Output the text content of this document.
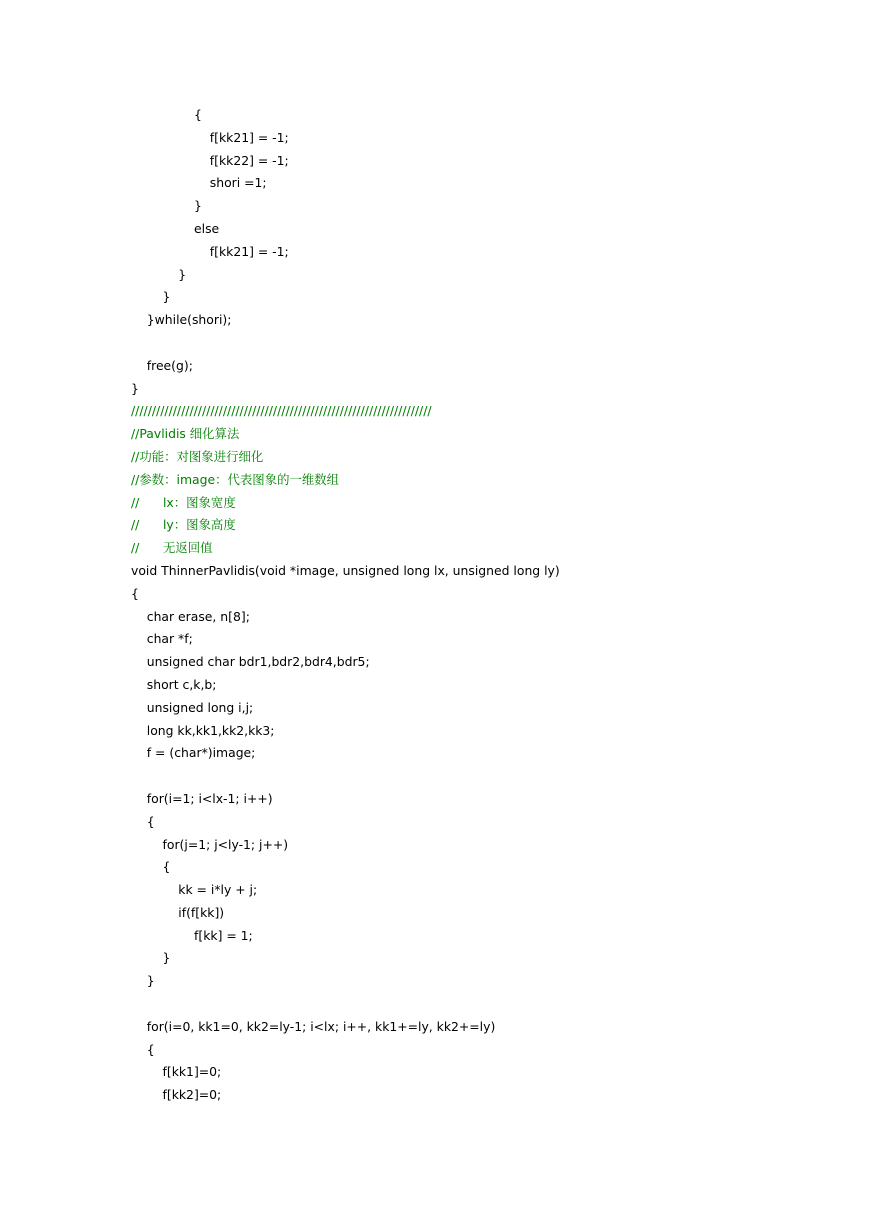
{
f[kk21] = -1;
f[kk22] = -1;
shori =1;
}
else
f[kk21] = -1;
}
}
}while(shori);
free(g);
}
////////////////////////////////////////////////////////////////////////
//Pavlidis 细化算法
//功能：对图象进行细化
//参数：image：代表图象的一维数组
//      lx：图象宽度
//      ly：图象高度
//      无返回值
void ThinnerPavlidis(void *image, unsigned long lx, unsigned long ly)
{
char erase, n[8];
char *f;
unsigned char bdr1,bdr2,bdr4,bdr5;
short c,k,b;
unsigned long i,j;
long kk,kk1,kk2,kk3;
f = (char*)image;
for(i=1; i<lx-1; i++)
{
for(j=1; j<ly-1; j++)
{
kk = i*ly + j;
if(f[kk])
f[kk] = 1;
}
}
for(i=0, kk1=0, kk2=ly-1; i<lx; i++, kk1+=ly, kk2+=ly)
{
f[kk1]=0;
f[kk2]=0;
